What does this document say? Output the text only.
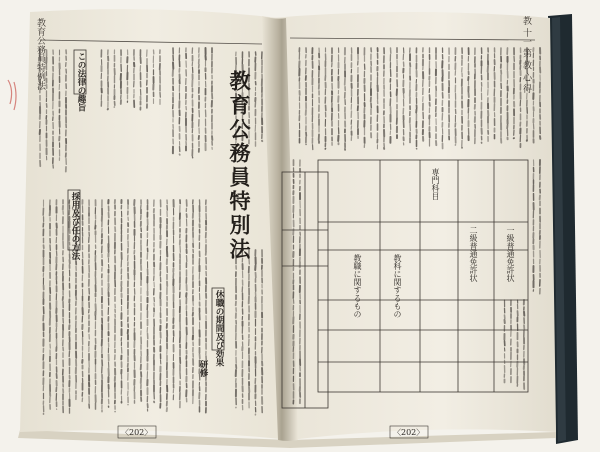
教育公務員特例法
教育公務員特別法
この法律の趣旨
採用及び任の方法
休職の期間及び効果
研修
〈202〉
教 十一 第 教 心 得
一級普通免許状
二級普通免許状
専門科目
教科に関するもの
教職に関するもの
〈202〉
